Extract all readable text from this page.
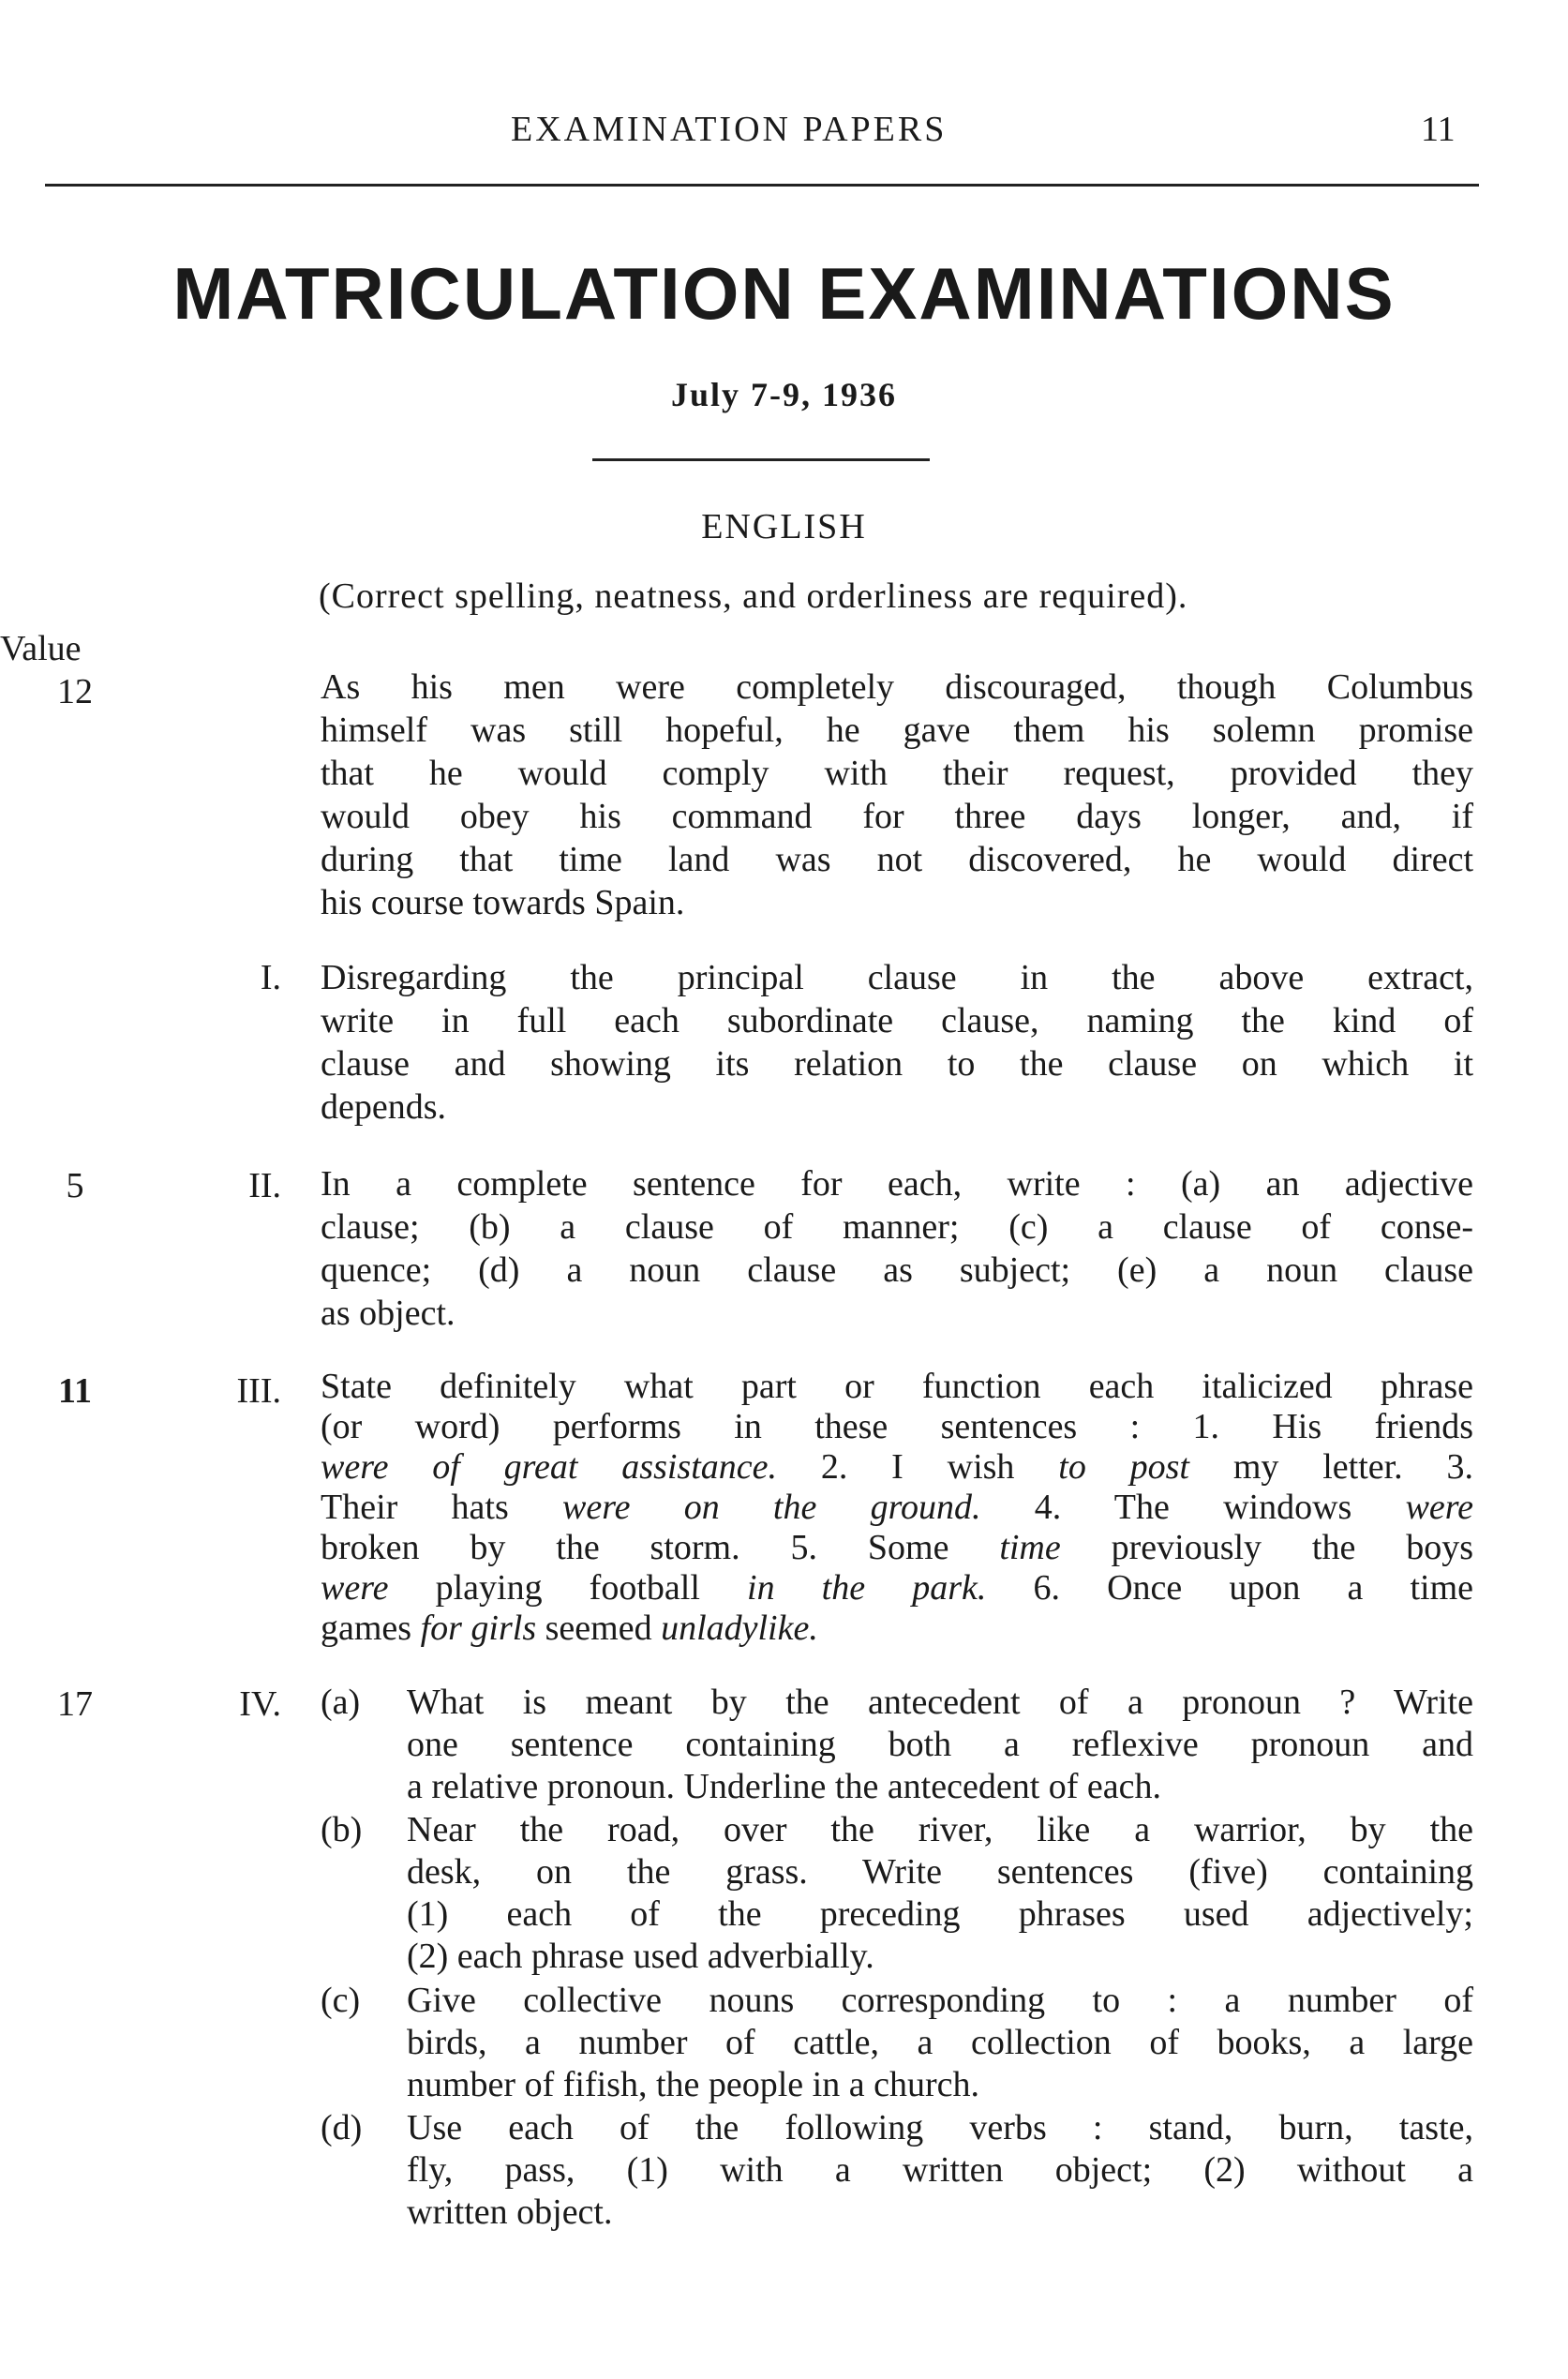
EXAMINATION PAPERS	11
MATRICULATION EXAMINATIONS
July 7-9, 1936
ENGLISH
(Correct spelling, neatness, and orderliness are required).
Value
12	As his men were completely discouraged, though Columbus
himself was still hopeful, he gave them his solemn promise
that he would comply with their request, provided they
would obey his command for three days longer, and, if
during that time land was not discovered, he would direct
his course towards Spain.
I. Disregarding the principal clause in the above extract,
write in full each subordinate clause, naming the kind of
clause and showing its relation to the clause on which it
depends.
5	II. In a complete sentence for each, write : (a) an adjective
clause; (b) a clause of manner; (c) a clause of conse-
quence; (d) a noun clause as subject; (e) a noun clause
as object.
11	III. State definitely what part or function each italicized phrase
(or word) performs in these sentences : 1. His friends
were of great assistance. 2. I wish to post my letter. 3.
Their hats were on the ground. 4. The windows were
broken by the storm. 5. Some time previously the boys
were playing football in the park. 6. Once upon a time
games for girls seemed unladylike.
17	IV. (a) What is meant by the antecedent of a pronoun ? Write
one sentence containing both a reflexive pronoun and
a relative pronoun. Underline the antecedent of each.
(b) Near the road, over the river, like a warrior, by the
desk, on the grass. Write sentences (five) containing
(1) each of the preceding phrases used adjectively;
(2) each phrase used adverbially.
(c) Give collective nouns corresponding to : a number of
birds, a number of cattle, a collection of books, a large
number of fifish, the people in a church.
(d) Use each of the following verbs : stand, burn, taste,
fly, pass, (1) with a written object; (2) without a
written object.
